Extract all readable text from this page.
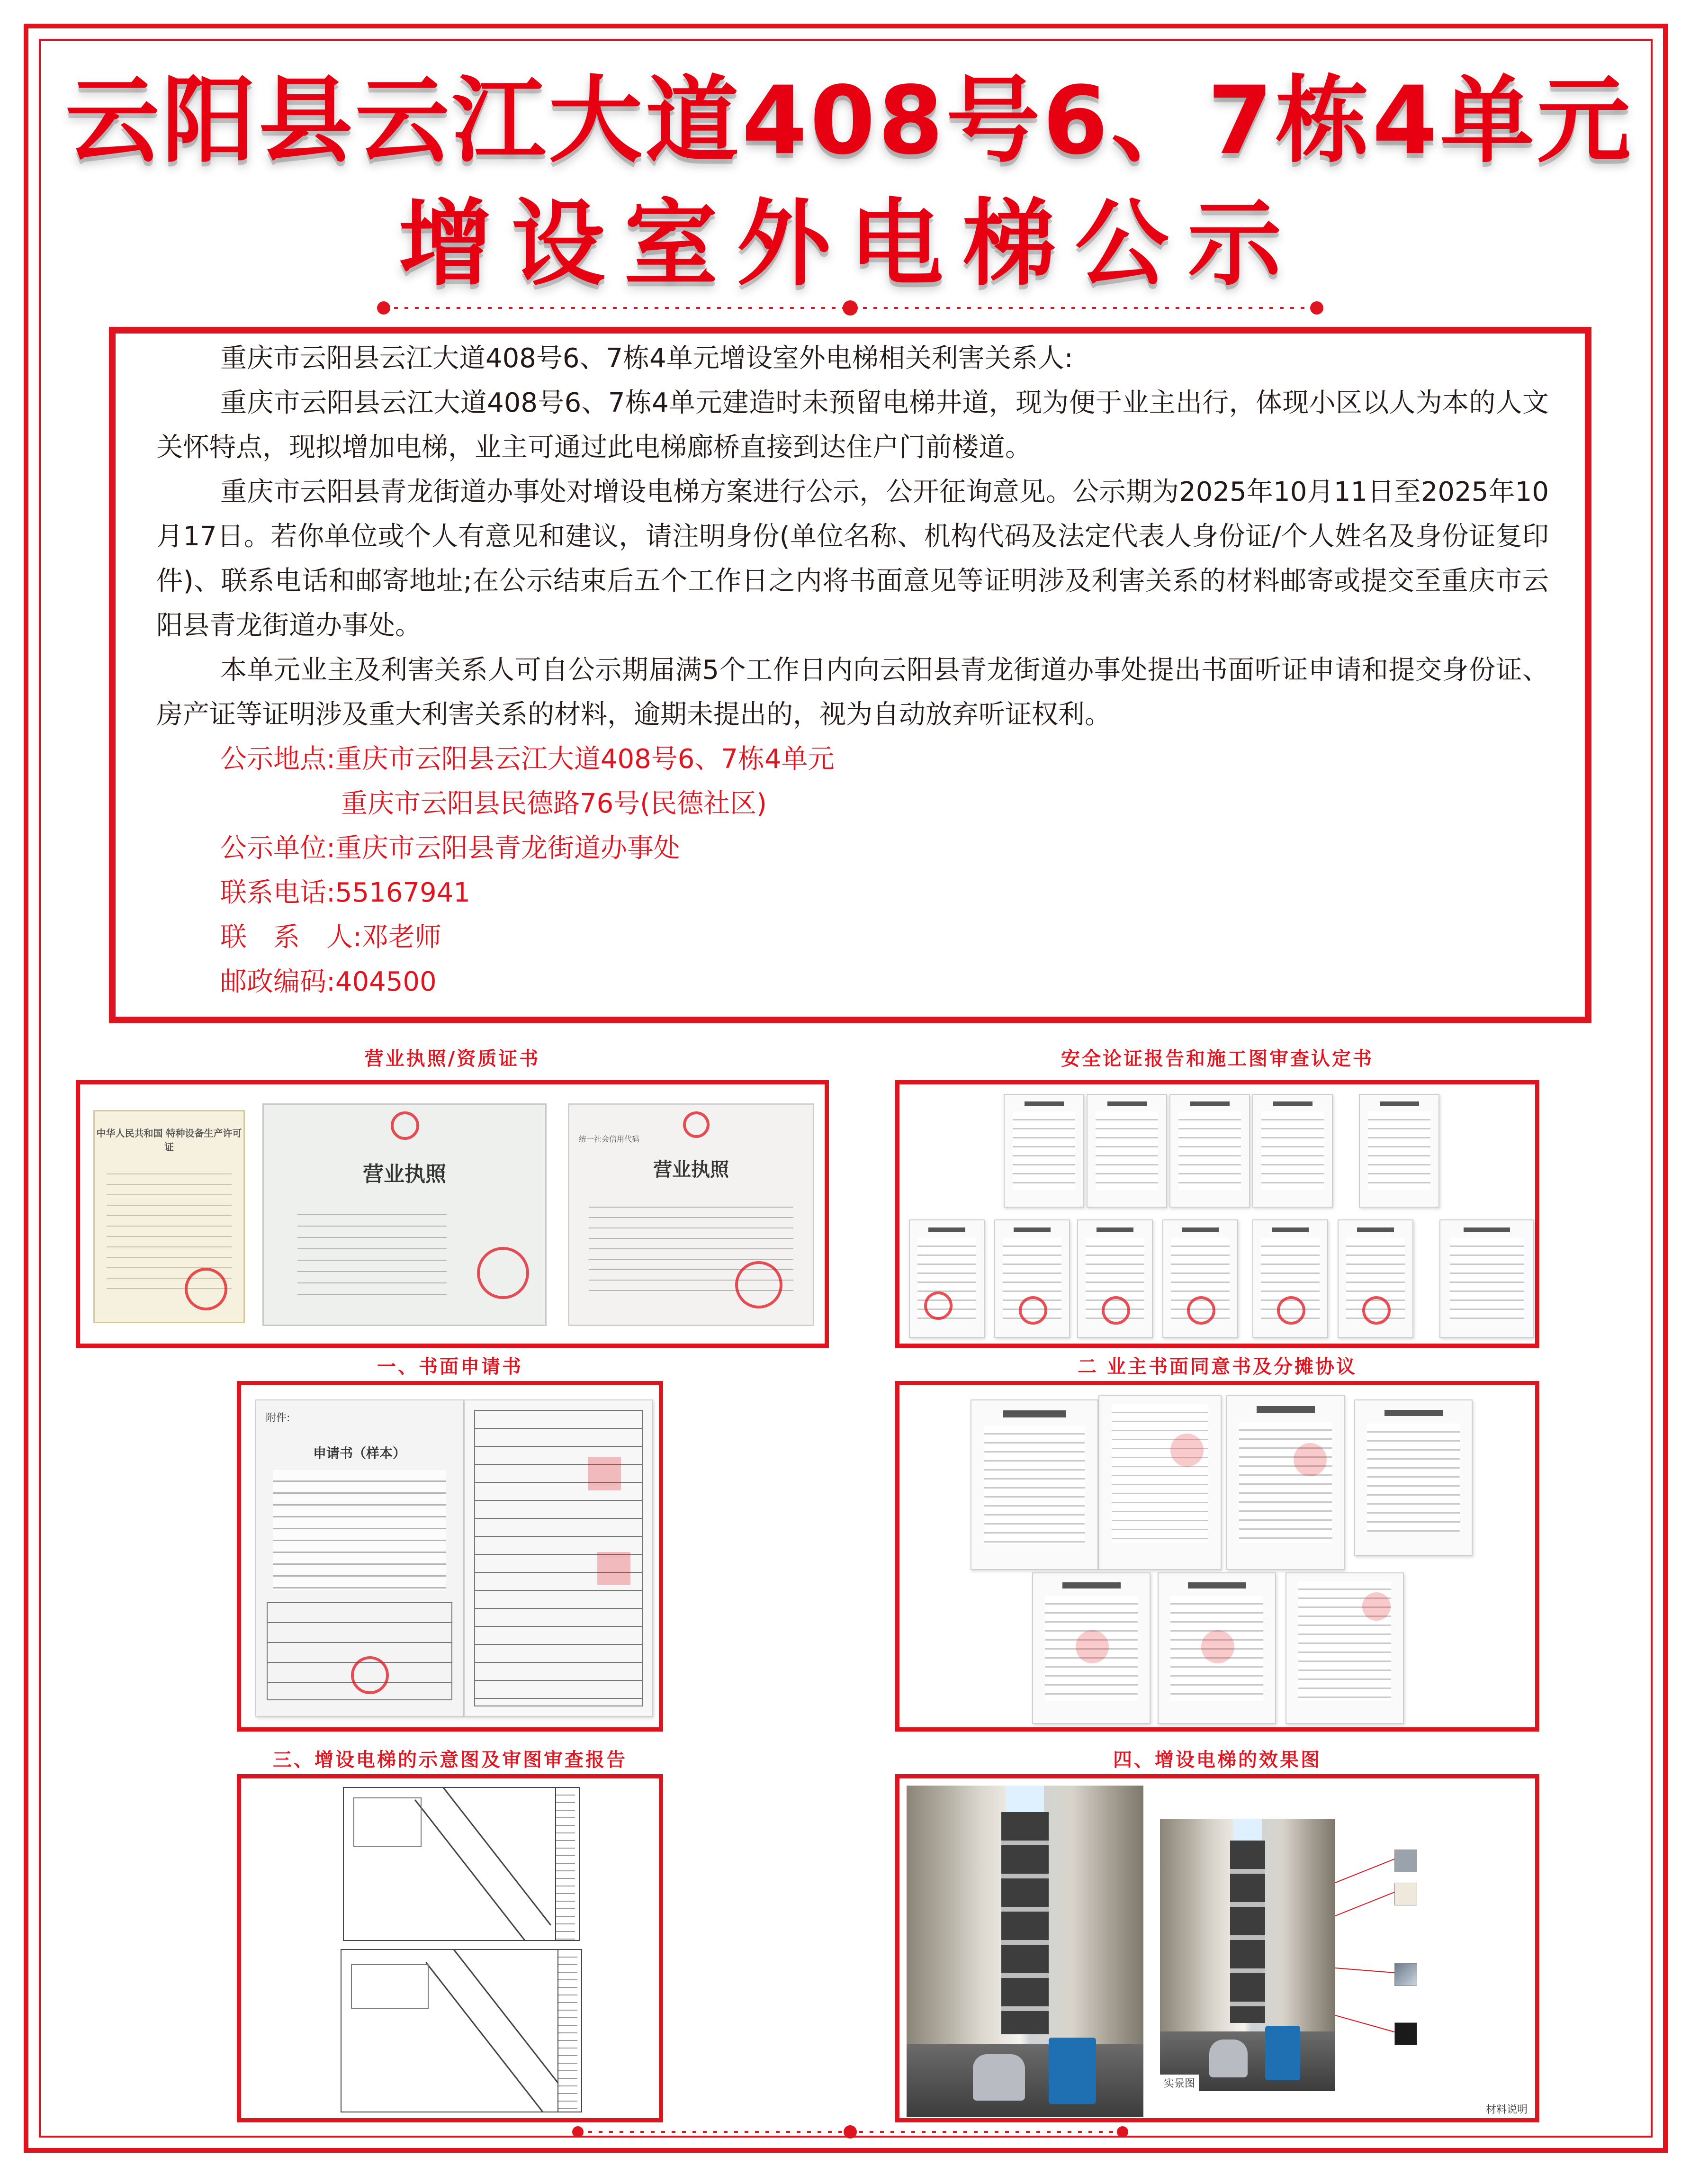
云阳县云江大道408号6、7栋4单元
增设室外电梯公示

重庆市云阳县云江大道408号6、7栋4单元增设室外电梯相关利害关系人:

重庆市云阳县云江大道408号6、7栋4单元建造时未预留电梯井道，现为便于业主出行，体现小区以人为本的人文关怀特点，现拟增加电梯，业主可通过此电梯廊桥直接到达住户门前楼道。

重庆市云阳县青龙街道办事处对增设电梯方案进行公示，公开征询意见。公示期为2025年10月11日至2025年10月17日。若你单位或个人有意见和建议，请注明身份(单位名称、机构代码及法定代表人身份证/个人姓名及身份证复印件)、联系电话和邮寄地址;在公示结束后五个工作日之内将书面意见等证明涉及利害关系的材料邮寄或提交至重庆市云阳县青龙街道办事处。

本单元业主及利害关系人可自公示期届满5个工作日内向云阳县青龙街道办事处提出书面听证申请和提交身份证、房产证等证明涉及重大利害关系的材料，逾期未提出的，视为自动放弃听证权利。

公示地点:重庆市云阳县云江大道408号6、7栋4单元

重庆市云阳县民德路76号(民德社区)

公示单位:重庆市云阳县青龙街道办事处

联系电话:55167941

联　系　人:邓老师

邮政编码:404500

营业执照/资质证书
中华人民共和国 特种设备生产许可证
营业执照	营业执照
统一社会信用代码
安全论证报告和施工图审查认定书
一、书面申请书
附件:
申请书（样本）
二 业主书面同意书及分摊协议
三、增设电梯的示意图及审图审查报告	四、增设电梯的效果图
实景图
材料说明
